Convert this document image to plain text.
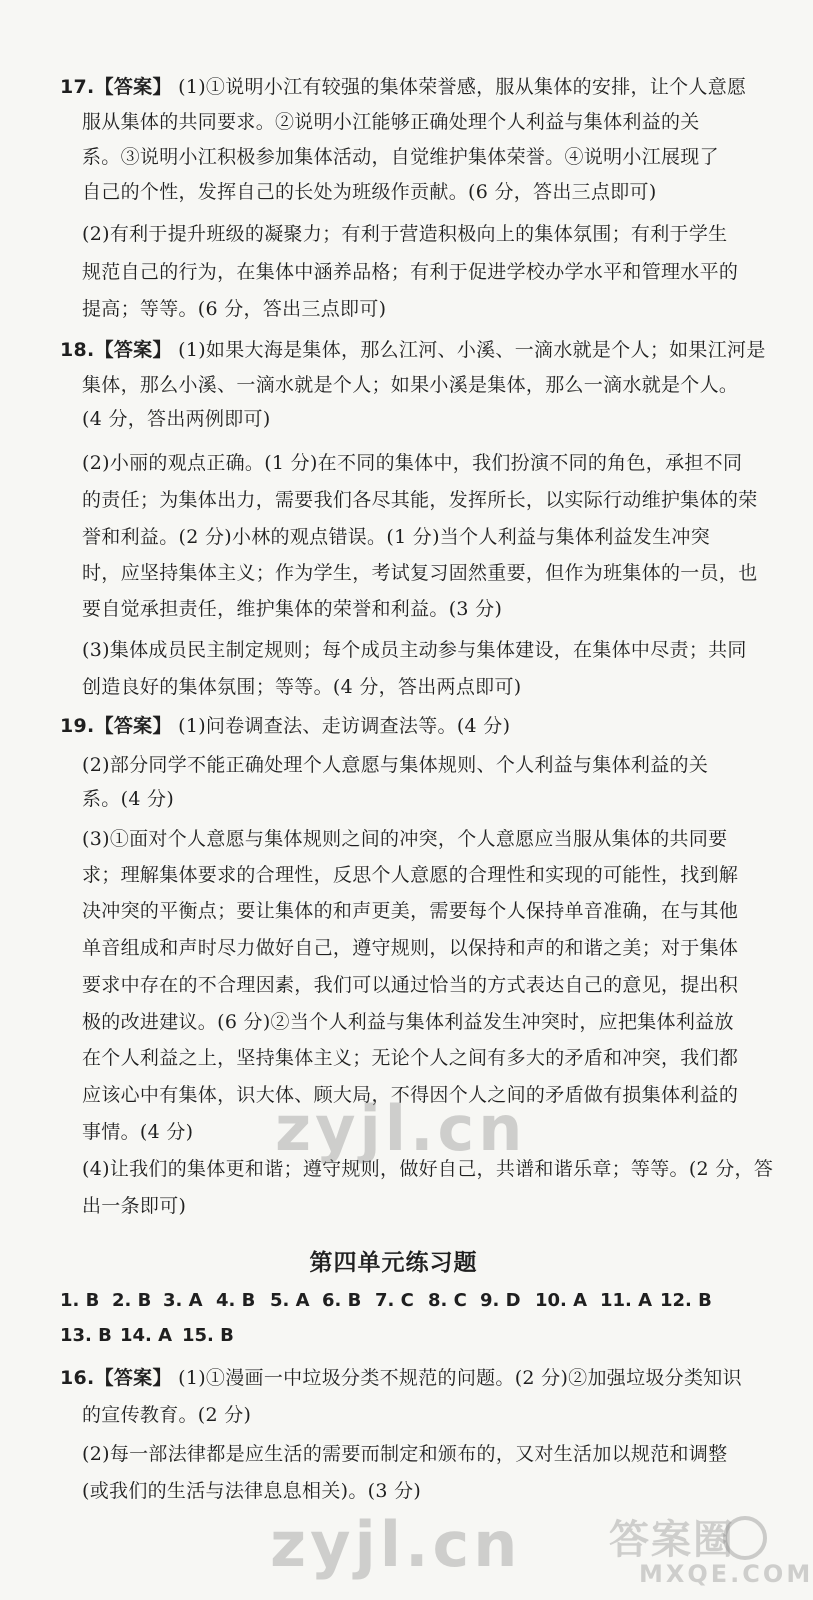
17.【答案】 (1)①说明小江有较强的集体荣誉感，服从集体的安排，让个人意愿
服从集体的共同要求。②说明小江能够正确处理个人利益与集体利益的关
系。③说明小江积极参加集体活动，自觉维护集体荣誉。④说明小江展现了
自己的个性，发挥自己的长处为班级作贡献。(6 分，答出三点即可)
(2)有利于提升班级的凝聚力；有利于营造积极向上的集体氛围；有利于学生
规范自己的行为，在集体中涵养品格；有利于促进学校办学水平和管理水平的
提高；等等。(6 分，答出三点即可)
18.【答案】 (1)如果大海是集体，那么江河、小溪、一滴水就是个人；如果江河是
集体，那么小溪、一滴水就是个人；如果小溪是集体，那么一滴水就是个人。
(4 分，答出两例即可)
(2)小丽的观点正确。(1 分)在不同的集体中，我们扮演不同的角色，承担不同
的责任；为集体出力，需要我们各尽其能，发挥所长，以实际行动维护集体的荣
誉和利益。(2 分)小林的观点错误。(1 分)当个人利益与集体利益发生冲突
时，应坚持集体主义；作为学生，考试复习固然重要，但作为班集体的一员，也
要自觉承担责任，维护集体的荣誉和利益。(3 分)
(3)集体成员民主制定规则；每个成员主动参与集体建设，在集体中尽责；共同
创造良好的集体氛围；等等。(4 分，答出两点即可)
19.【答案】 (1)问卷调查法、走访调查法等。(4 分)
(2)部分同学不能正确处理个人意愿与集体规则、个人利益与集体利益的关
系。(4 分)
(3)①面对个人意愿与集体规则之间的冲突，个人意愿应当服从集体的共同要
求；理解集体要求的合理性，反思个人意愿的合理性和实现的可能性，找到解
决冲突的平衡点；要让集体的和声更美，需要每个人保持单音准确，在与其他
单音组成和声时尽力做好自己，遵守规则，以保持和声的和谐之美；对于集体
要求中存在的不合理因素，我们可以通过恰当的方式表达自己的意见，提出积
极的改进建议。(6 分)②当个人利益与集体利益发生冲突时，应把集体利益放
在个人利益之上，坚持集体主义；无论个人之间有多大的矛盾和冲突，我们都
应该心中有集体，识大体、顾大局，不得因个人之间的矛盾做有损集体利益的
事情。(4 分)
(4)让我们的集体更和谐；遵守规则，做好自己，共谱和谐乐章；等等。(2 分，答
出一条即可)
zyjl.cn
第四单元练习题
1. B 2. B 3. A 4. B 5. A 6. B 7. C 8. C 9. D 10. A 11. A 12. B
13. B 14. A 15. B
16.【答案】 (1)①漫画一中垃圾分类不规范的问题。(2 分)②加强垃圾分类知识
的宣传教育。(2 分)
(2)每一部法律都是应生活的需要而制定和颁布的，又对生活加以规范和调整
(或我们的生活与法律息息相关)。(3 分)
zyjl.cn 答案圈
MXQE.COM
